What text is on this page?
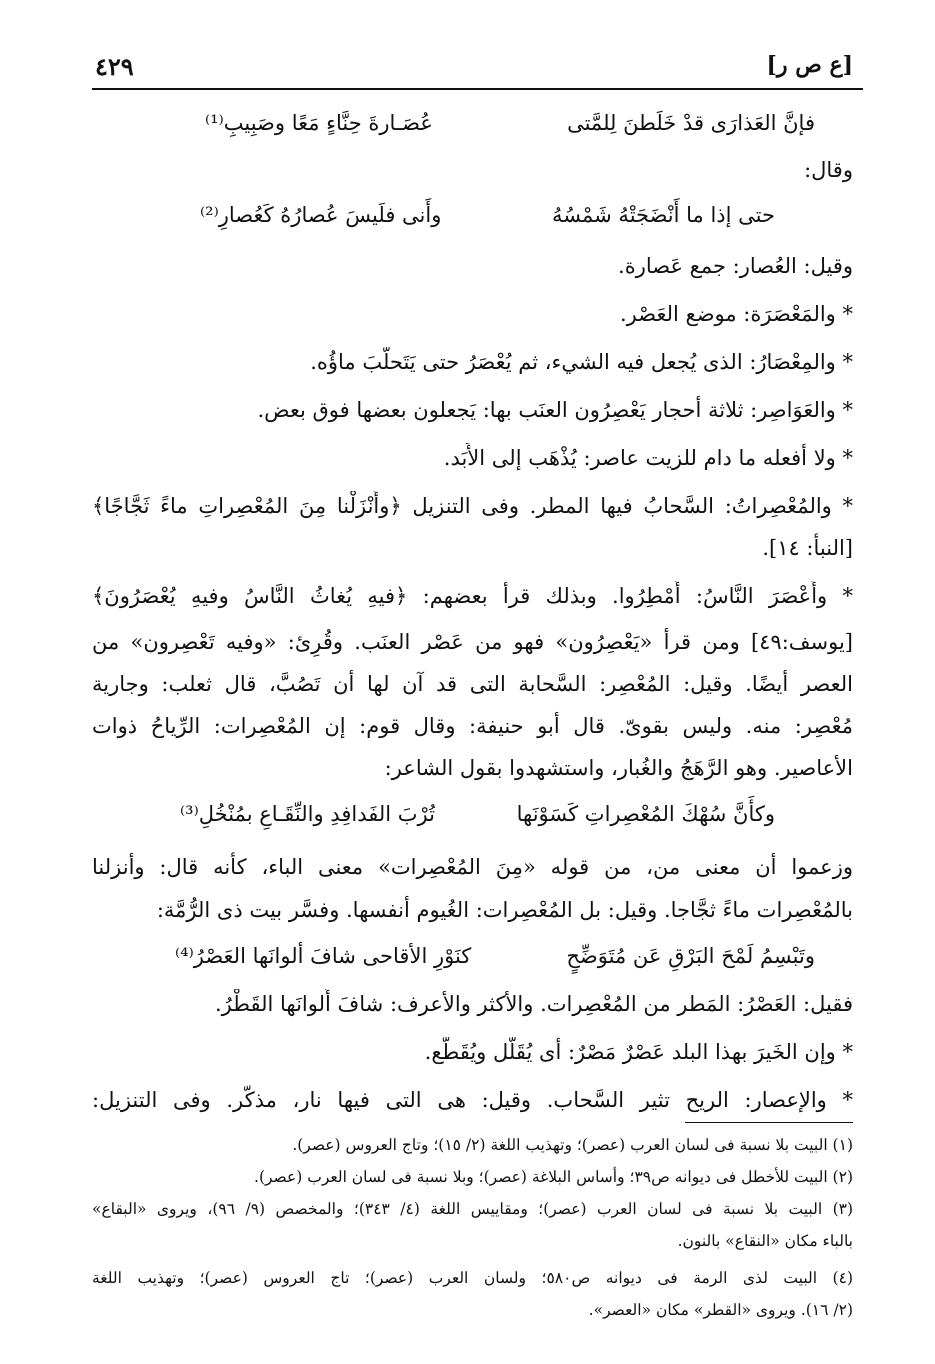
[ع ص ر]
٤٢٩
فإنَّ العَذارَى قدْ خَلَطنَ لِلمَّتى
عُصَـارةَ حِنَّاءٍ مَعًا وصَبِيبِ⁽¹⁾
وقال:
حتى إذا ما أَنْضَجَتْهُ شَمْسُهُ
وأَنى فلَيسَ عُصارُهُ كَعُصارِ⁽²⁾
وقيل: العُصار: جمع عَصارة.
* والمَعْصَرَة: موضع العَصْر.
* والمِعْصَارُ: الذى يُجعل فيه الشيء، ثم يُعْصَرُ حتى يَتَحلَّبَ ماؤُه.
* والعَوَاصِر: ثلاثة أحجار يَعْصِرُون العنَب بها: يَجعلون بعضها فوق بعض.
* ولا أفعله ما دام للزيت عاصر: يُذْهَب إلى الأَبَد.
* والمُعْصِراتُ: السَّحابُ فيها المطر. وفى التنزيل ﴿وأَنْزَلْنا مِنَ المُعْصِراتِ ماءً ثَجَّاجًا﴾
[النبأ: ١٤].
* وأَعْصَرَ النَّاسُ: أُمْطِرُوا. وبذلك قرأ بعضهم: ﴿فيهِ يُغاثُ النَّاسُ وفيهِ يُعْصَرُونَ﴾
[يوسف:٤٩] ومن قرأ «يَعْصِرُون» فهو من عَصْر العنَب. وقُرِئ: «وفيه تَعْصِرون» من
العصر أيضًا. وقيل: المُعْصِر: السَّحابة التى قد آن لها أن تَصُبَّ، قال ثعلب: وجارية
مُعْصِر: منه. وليس بقوىّ. قال أبو حنيفة: وقال قوم: إن المُعْصِرات: الرِّياحُ ذوات
الأعاصير. وهو الرَّهَجُ والغُبار، واستشهدوا بقول الشاعر:
وكأَنَّ سُهْكَ المُعْصِراتِ كَسَوْنَها
تُرْبَ الفَدافِدِ والنِّقَـاعِ بمُنْخُلِ⁽³⁾
وزعموا أن معنى من، من قوله «مِنَ المُعْصِرات» معنى الباء، كأنه قال: وأنزلنا
بالمُعْصِرات ماءً ثجَّاجا. وقيل: بل المُعْصِرات: الغُيوم أنفسها. وفسَّر بيت ذى الرُّمَّة:
وتَبْسِمُ لَمْحَ البَرْقِ عَن مُتَوَضِّحٍ
كنَوْرِ الأقاحى شافَ ألوانَها العَصْرُ⁽⁴⁾
فقيل: العَصْرُ: المَطر من المُعْصِرات. والأكثر والأعرف: شافَ أَلوانَها القَطْرُ.
* وإن الخَيرَ بهذا البلد عَصْرٌ مَصْرٌ: أى يُقَلَّل ويُقَطَّع.
* والإعصار: الريح تثير السَّحاب. وقيل: هى التى فيها نار، مذكَّر. وفى التنزيل:
(١) البيت بلا نسبة فى لسان العرب (عصر)؛ وتهذيب اللغة (٢/ ١٥)؛ وتاج العروس (عصر).
(٢) البيت للأخطل فى ديوانه ص٣٩؛ وأساس البلاغة (عصر)؛ وبلا نسبة فى لسان العرب (عصر).
(٣) البيت بلا نسبة فى لسان العرب (عصر)؛ ومقاييس اللغة (٤/ ٣٤٣)؛ والمخصص (٩/ ٩٦)، ويروى «البقاع»
بالباء مكان «النقاع» بالنون.
(٤) البيت لذى الرمة فى ديوانه ص٥٨٠؛ ولسان العرب (عصر)؛ تاج العروس (عصر)؛ وتهذيب اللغة
(٢/ ١٦). ويروى «القطر» مكان «العصر».
